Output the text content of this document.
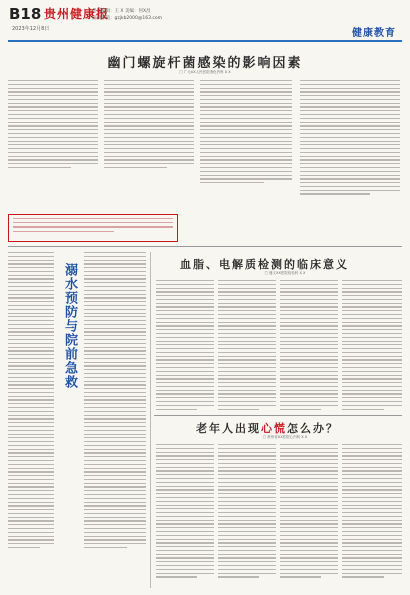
B18 贵州健康报
2023年12月8日
责任编辑：王 X 美编：何X昌
投稿邮箱：gzjkb2000@163.com
健康教育
幽门螺旋杆菌感染的影响因素
□ 广元XX人民医院消化内科 X X
溺水预防与院前急救	血脂、电解质检测的临床意义
□ 遵义XX医院检验科 X X
老年人出现心慌怎么办？
□ 贵州省XX医院心内科 X X
